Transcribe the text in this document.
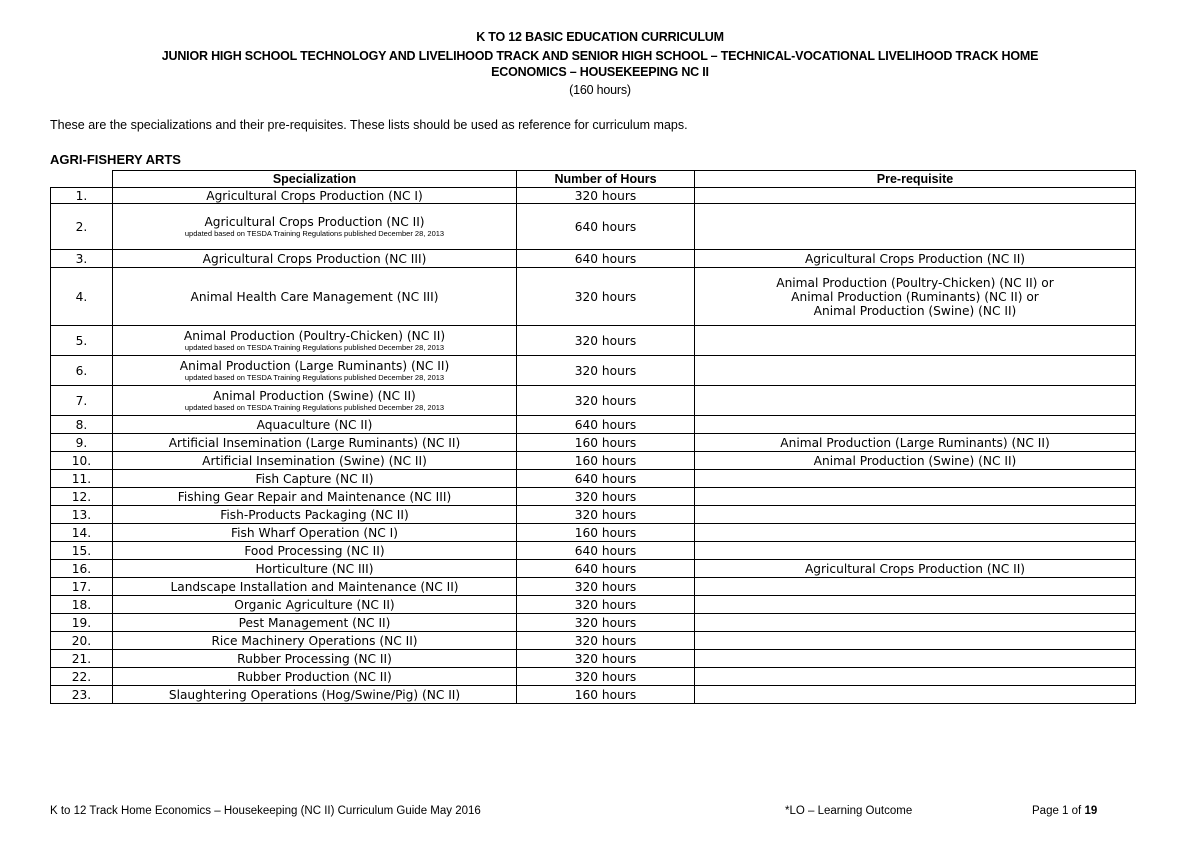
K TO 12 BASIC EDUCATION CURRICULUM
JUNIOR HIGH SCHOOL TECHNOLOGY AND LIVELIHOOD TRACK AND SENIOR HIGH SCHOOL – TECHNICAL-VOCATIONAL LIVELIHOOD TRACK HOME
ECONOMICS – HOUSEKEEPING NC II
(160 hours)
These are the specializations and their pre-requisites. These lists should be used as reference for curriculum maps.
AGRI-FISHERY ARTS
	Specialization	Number of Hours	Pre-requisite
1.	Agricultural Crops Production (NC I)	320 hours	
2.	Agricultural Crops Production (NC II)
updated based on TESDA Training Regulations published December 28, 2013	640 hours	
3.	Agricultural Crops Production (NC III)	640 hours	Agricultural Crops Production (NC II)

4.	Animal Health Care Management (NC III)	320 hours	Animal Production (Poultry-Chicken) (NC II) or
Animal Production (Ruminants) (NC II) or
Animal Production (Swine) (NC II)

5.	Animal Production (Poultry-Chicken) (NC II)
updated based on TESDA Training Regulations published December 28, 2013	320 hours	
6.	Animal Production (Large Ruminants) (NC II)
updated based on TESDA Training Regulations published December 28, 2013	320 hours	
7.	Animal Production (Swine) (NC II)
updated based on TESDA Training Regulations published December 28, 2013	320 hours	
8.	Aquaculture (NC II)	640 hours	
9.	Artificial Insemination (Large Ruminants) (NC II)	160 hours	Animal Production (Large Ruminants) (NC II)

10.	Artificial Insemination (Swine) (NC II)	160 hours	Animal Production (Swine) (NC II)

11.	Fish Capture (NC II)	640 hours	
12.	Fishing Gear Repair and Maintenance (NC III)	320 hours	
13.	Fish-Products Packaging (NC II)	320 hours	
14.	Fish Wharf Operation (NC I)	160 hours	
15.	Food Processing (NC II)	640 hours	
16.	Horticulture (NC III)	640 hours	Agricultural Crops Production (NC II)

17.	Landscape Installation and Maintenance (NC II)	320 hours	
18.	Organic Agriculture (NC II)	320 hours	
19.	Pest Management (NC II)	320 hours	
20.	Rice Machinery Operations (NC II)	320 hours	
21.	Rubber Processing (NC II)	320 hours	
22.	Rubber Production (NC II)	320 hours	
23.	Slaughtering Operations (Hog/Swine/Pig) (NC II)	160 hours	
K to 12 Track Home Economics – Housekeeping (NC II) Curriculum Guide May 2016	*LO – Learning Outcome	Page 1 of 19
